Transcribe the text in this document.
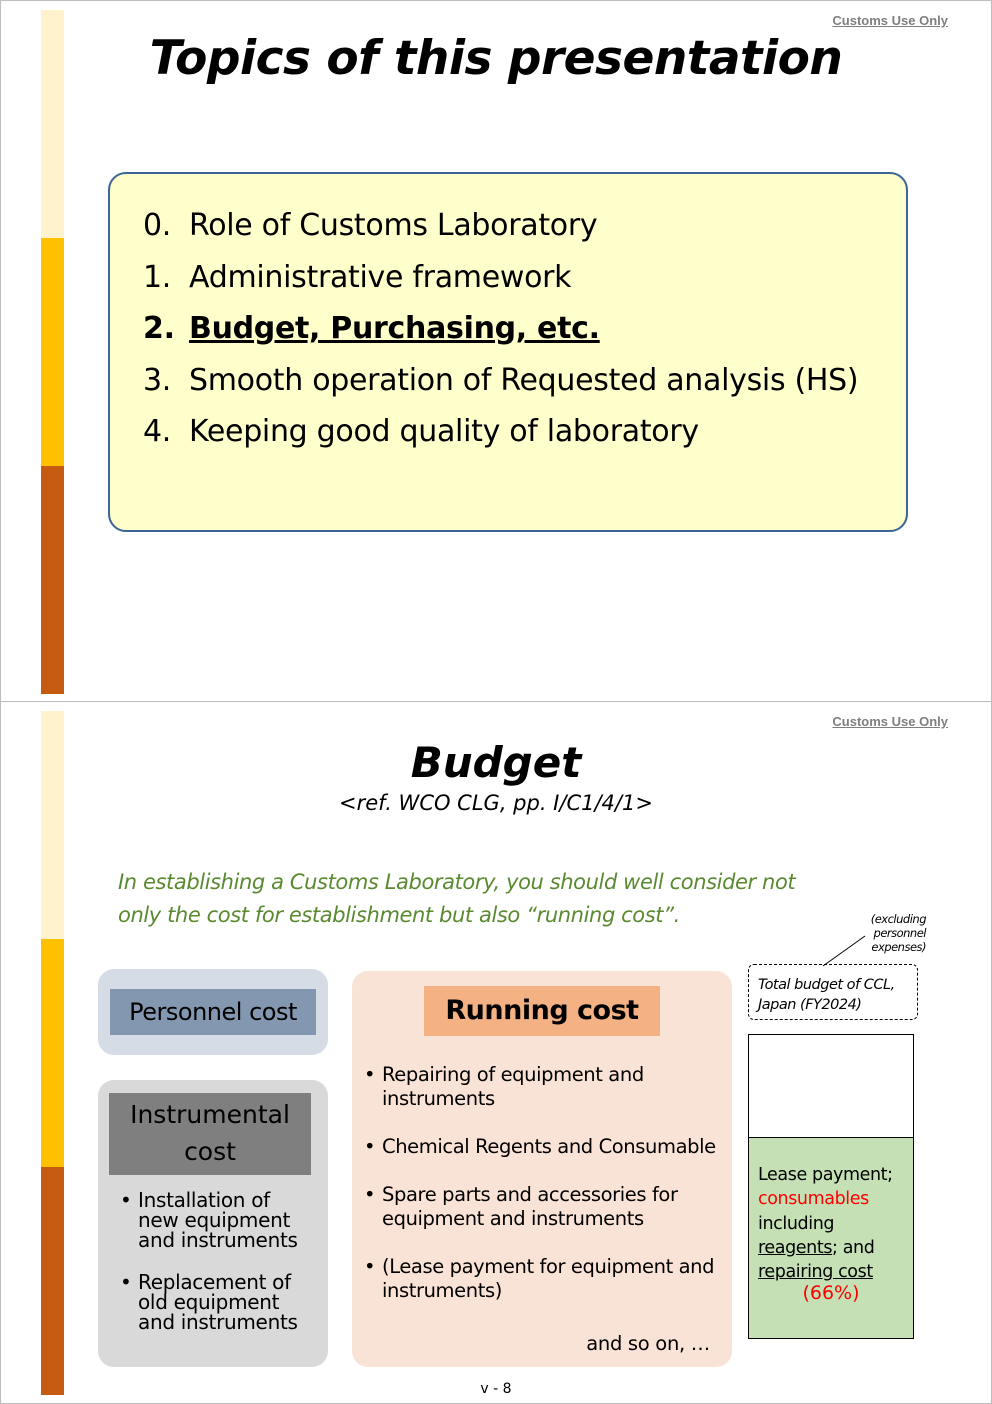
Customs Use Only
Topics of this presentation
0. Role of Customs Laboratory
1. Administrative framework
2. Budget, Purchasing, etc.
3. Smooth operation of Requested analysis (HS)
4. Keeping good quality of laboratory
Customs Use Only
Budget
<ref. WCO CLG, pp. I/C1/4/1>
In establishing a Customs Laboratory, you should well consider not
only the cost for establishment but also “running cost”.	(excluding
personnel
expenses)
Personnel cost
Instrumental
cost
• Installation of
new equipment
and instruments
• Replacement of
old equipment
and instruments
Running cost
• Repairing of equipment and
instruments
• Chemical Regents and Consumable
• Spare parts and accessories for
equipment and instruments
• (Lease payment for equipment and
instruments)
and so on, …
Total budget of CCL,
Japan (FY2024)
Lease payment;
consumables
including
reagents; and
repairing cost
(66%)
v - 8
